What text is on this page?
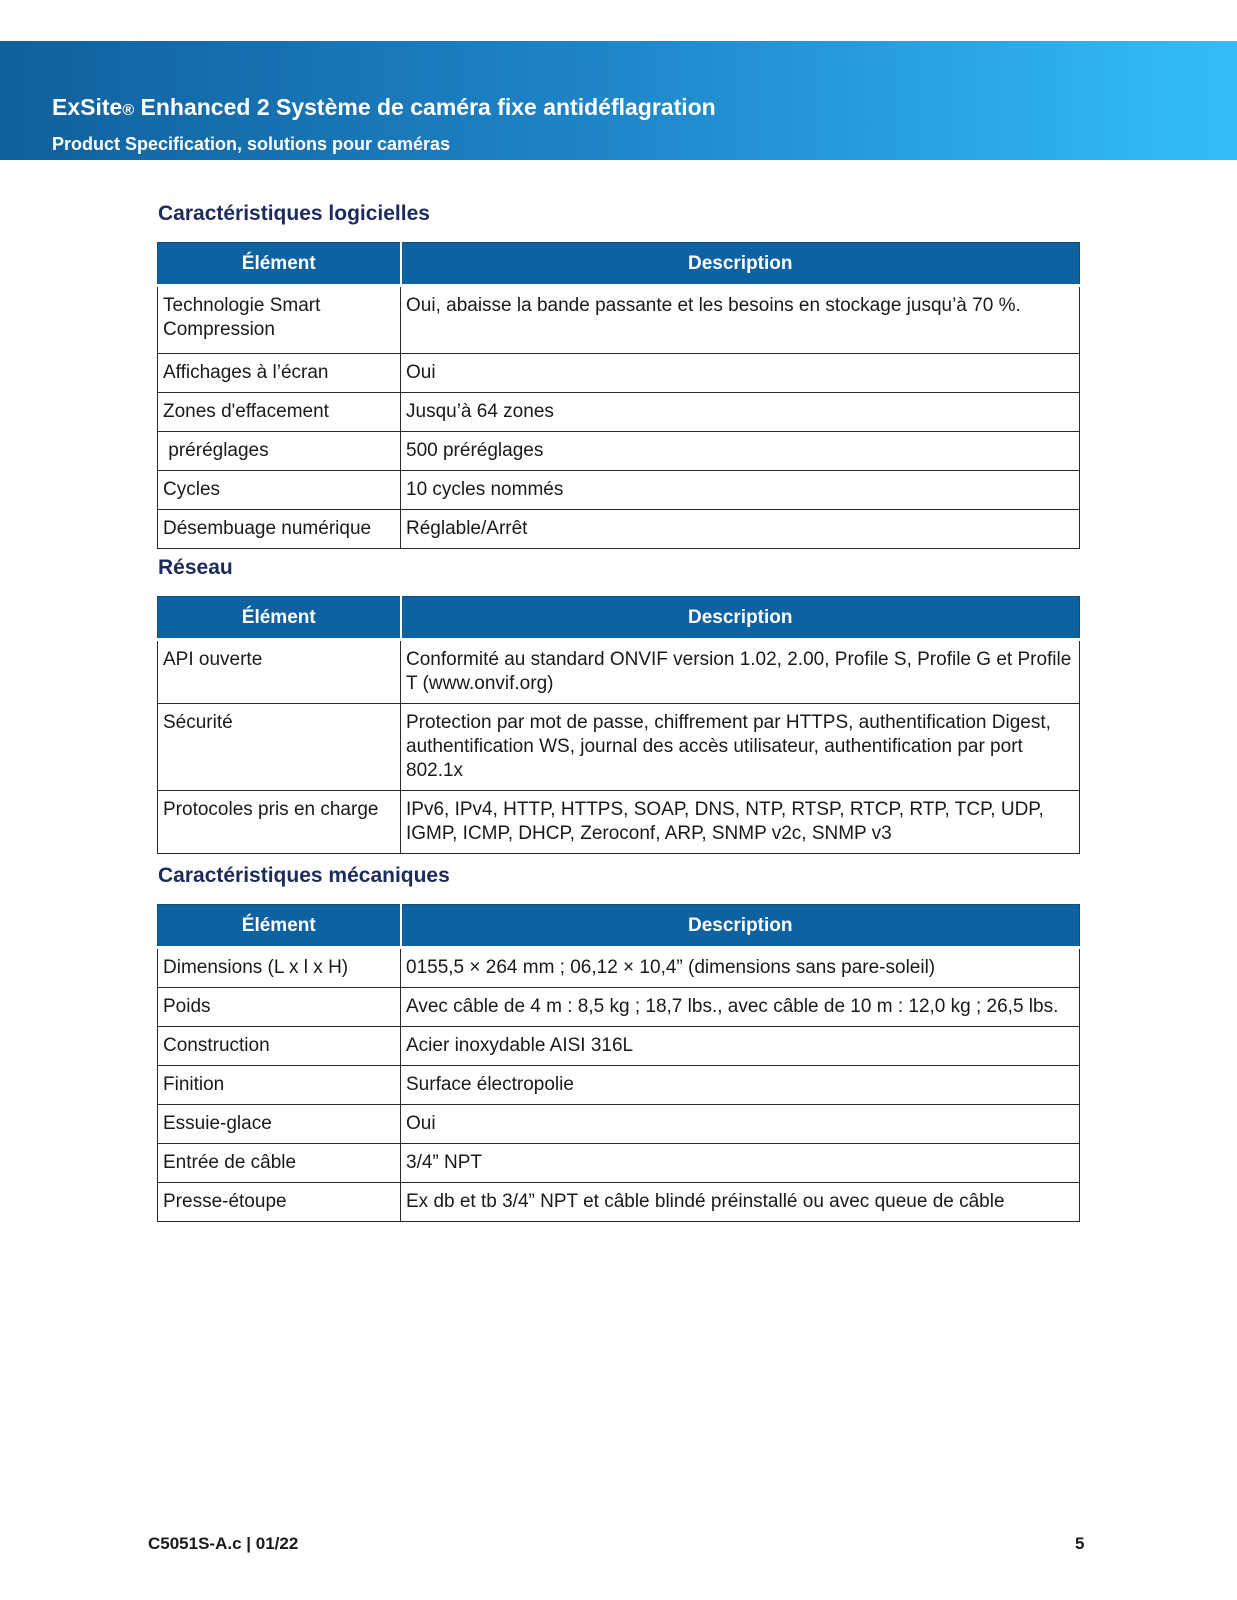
ExSite® Enhanced 2 Système de caméra fixe antidéflagration
Product Specification, solutions pour caméras
Caractéristiques logicielles
Élément	Description
Technologie Smart Compression	Oui, abaisse la bande passante et les besoins en stockage jusqu’à 70 %.
Affichages à l’écran	Oui
Zones d'effacement	Jusqu’à 64 zones
préréglages	500 préréglages
Cycles	10 cycles nommés
Désembuage numérique	Réglable/Arrêt
Réseau
Élément	Description
API ouverte	Conformité au standard ONVIF version 1.02, 2.00, Profile S, Profile G et Profile T (www.onvif.org)
Sécurité	Protection par mot de passe, chiffrement par HTTPS, authentification Digest, authentification WS, journal des accès utilisateur, authentification par port 802.1x
Protocoles pris en charge	IPv6, IPv4, HTTP, HTTPS, SOAP, DNS, NTP, RTSP, RTCP, RTP, TCP, UDP, IGMP, ICMP, DHCP, Zeroconf, ARP, SNMP v2c, SNMP v3
Caractéristiques mécaniques
Élément	Description
Dimensions (L x l x H)	0155,5 × 264 mm ; 06,12 × 10,4” (dimensions sans pare-soleil)
Poids	Avec câble de 4 m : 8,5 kg ; 18,7 lbs., avec câble de 10 m : 12,0 kg ; 26,5 lbs.
Construction	Acier inoxydable AISI 316L
Finition	Surface électropolie
Essuie-glace	Oui
Entrée de câble	3/4” NPT
Presse-étoupe	Ex db et tb 3/4” NPT et câble blindé préinstallé ou avec queue de câble
C5051S-A.c | 01/22	5
